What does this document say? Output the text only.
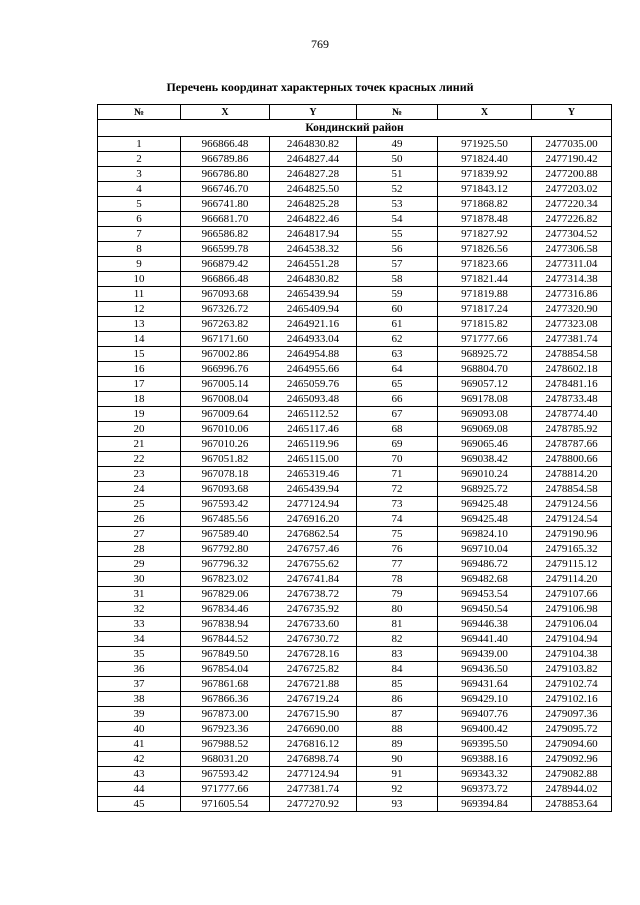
769
Перечень координат характерных точек красных линий
№	X	Y	№	X	Y
Кондинский район					
1	966866.48	2464830.82	49	971925.50	2477035.00
2	966789.86	2464827.44	50	971824.40	2477190.42
3	966786.80	2464827.28	51	971839.92	2477200.88
4	966746.70	2464825.50	52	971843.12	2477203.02
5	966741.80	2464825.28	53	971868.82	2477220.34
6	966681.70	2464822.46	54	971878.48	2477226.82
7	966586.82	2464817.94	55	971827.92	2477304.52
8	966599.78	2464538.32	56	971826.56	2477306.58
9	966879.42	2464551.28	57	971823.66	2477311.04
10	966866.48	2464830.82	58	971821.44	2477314.38
11	967093.68	2465439.94	59	971819.88	2477316.86
12	967326.72	2465409.94	60	971817.24	2477320.90
13	967263.82	2464921.16	61	971815.82	2477323.08
14	967171.60	2464933.04	62	971777.66	2477381.74
15	967002.86	2464954.88	63	968925.72	2478854.58
16	966996.76	2464955.66	64	968804.70	2478602.18
17	967005.14	2465059.76	65	969057.12	2478481.16
18	967008.04	2465093.48	66	969178.08	2478733.48
19	967009.64	2465112.52	67	969093.08	2478774.40
20	967010.06	2465117.46	68	969069.08	2478785.92
21	967010.26	2465119.96	69	969065.46	2478787.66
22	967051.82	2465115.00	70	969038.42	2478800.66
23	967078.18	2465319.46	71	969010.24	2478814.20
24	967093.68	2465439.94	72	968925.72	2478854.58
25	967593.42	2477124.94	73	969425.48	2479124.56
26	967485.56	2476916.20	74	969425.48	2479124.54
27	967589.40	2476862.54	75	969824.10	2479190.96
28	967792.80	2476757.46	76	969710.04	2479165.32
29	967796.32	2476755.62	77	969486.72	2479115.12
30	967823.02	2476741.84	78	969482.68	2479114.20
31	967829.06	2476738.72	79	969453.54	2479107.66
32	967834.46	2476735.92	80	969450.54	2479106.98
33	967838.94	2476733.60	81	969446.38	2479106.04
34	967844.52	2476730.72	82	969441.40	2479104.94
35	967849.50	2476728.16	83	969439.00	2479104.38
36	967854.04	2476725.82	84	969436.50	2479103.82
37	967861.68	2476721.88	85	969431.64	2479102.74
38	967866.36	2476719.24	86	969429.10	2479102.16
39	967873.00	2476715.90	87	969407.76	2479097.36
40	967923.36	2476690.00	88	969400.42	2479095.72
41	967988.52	2476816.12	89	969395.50	2479094.60
42	968031.20	2476898.74	90	969388.16	2479092.96
43	967593.42	2477124.94	91	969343.32	2479082.88
44	971777.66	2477381.74	92	969373.72	2478944.02
45	971605.54	2477270.92	93	969394.84	2478853.64
